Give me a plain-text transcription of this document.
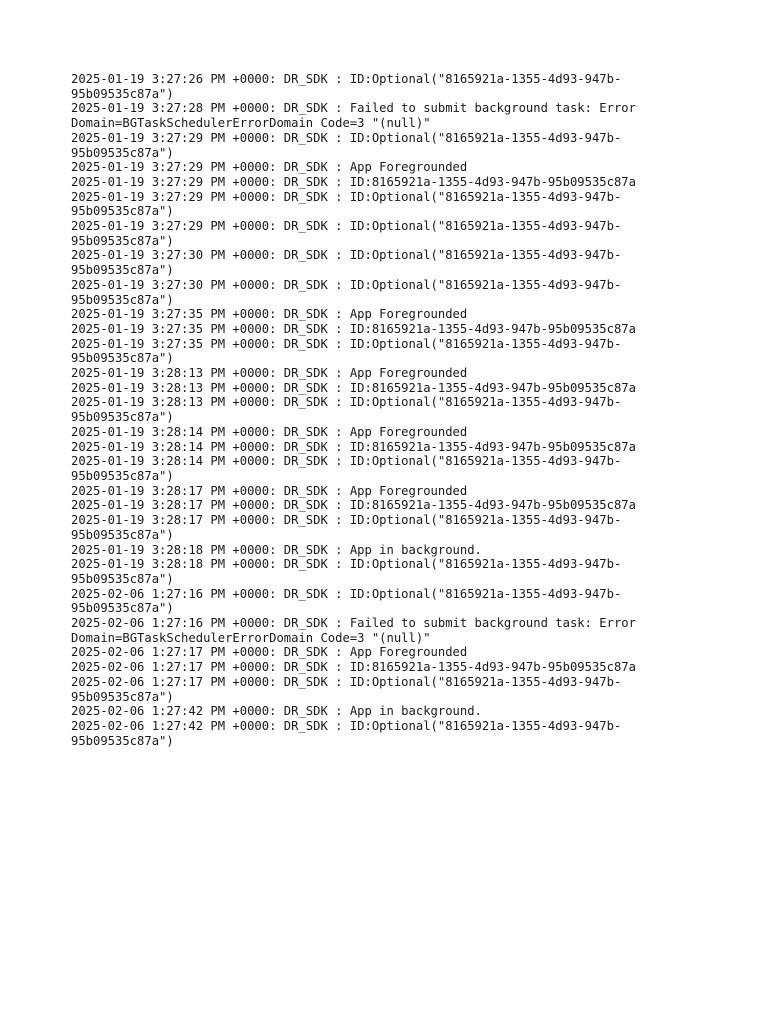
2025-01-19 3:27:26 PM +0000: DR_SDK : ID:Optional("8165921a-1355-4d93-947b-
95b09535c87a")
2025-01-19 3:27:28 PM +0000: DR_SDK : Failed to submit background task: Error
Domain=BGTaskSchedulerErrorDomain Code=3 "(null)"
2025-01-19 3:27:29 PM +0000: DR_SDK : ID:Optional("8165921a-1355-4d93-947b-
95b09535c87a")
2025-01-19 3:27:29 PM +0000: DR_SDK : App Foregrounded
2025-01-19 3:27:29 PM +0000: DR_SDK : ID:8165921a-1355-4d93-947b-95b09535c87a
2025-01-19 3:27:29 PM +0000: DR_SDK : ID:Optional("8165921a-1355-4d93-947b-
95b09535c87a")
2025-01-19 3:27:29 PM +0000: DR_SDK : ID:Optional("8165921a-1355-4d93-947b-
95b09535c87a")
2025-01-19 3:27:30 PM +0000: DR_SDK : ID:Optional("8165921a-1355-4d93-947b-
95b09535c87a")
2025-01-19 3:27:30 PM +0000: DR_SDK : ID:Optional("8165921a-1355-4d93-947b-
95b09535c87a")
2025-01-19 3:27:35 PM +0000: DR_SDK : App Foregrounded
2025-01-19 3:27:35 PM +0000: DR_SDK : ID:8165921a-1355-4d93-947b-95b09535c87a
2025-01-19 3:27:35 PM +0000: DR_SDK : ID:Optional("8165921a-1355-4d93-947b-
95b09535c87a")
2025-01-19 3:28:13 PM +0000: DR_SDK : App Foregrounded
2025-01-19 3:28:13 PM +0000: DR_SDK : ID:8165921a-1355-4d93-947b-95b09535c87a
2025-01-19 3:28:13 PM +0000: DR_SDK : ID:Optional("8165921a-1355-4d93-947b-
95b09535c87a")
2025-01-19 3:28:14 PM +0000: DR_SDK : App Foregrounded
2025-01-19 3:28:14 PM +0000: DR_SDK : ID:8165921a-1355-4d93-947b-95b09535c87a
2025-01-19 3:28:14 PM +0000: DR_SDK : ID:Optional("8165921a-1355-4d93-947b-
95b09535c87a")
2025-01-19 3:28:17 PM +0000: DR_SDK : App Foregrounded
2025-01-19 3:28:17 PM +0000: DR_SDK : ID:8165921a-1355-4d93-947b-95b09535c87a
2025-01-19 3:28:17 PM +0000: DR_SDK : ID:Optional("8165921a-1355-4d93-947b-
95b09535c87a")
2025-01-19 3:28:18 PM +0000: DR_SDK : App in background.
2025-01-19 3:28:18 PM +0000: DR_SDK : ID:Optional("8165921a-1355-4d93-947b-
95b09535c87a")
2025-02-06 1:27:16 PM +0000: DR_SDK : ID:Optional("8165921a-1355-4d93-947b-
95b09535c87a")
2025-02-06 1:27:16 PM +0000: DR_SDK : Failed to submit background task: Error
Domain=BGTaskSchedulerErrorDomain Code=3 "(null)"
2025-02-06 1:27:17 PM +0000: DR_SDK : App Foregrounded
2025-02-06 1:27:17 PM +0000: DR_SDK : ID:8165921a-1355-4d93-947b-95b09535c87a
2025-02-06 1:27:17 PM +0000: DR_SDK : ID:Optional("8165921a-1355-4d93-947b-
95b09535c87a")
2025-02-06 1:27:42 PM +0000: DR_SDK : App in background.
2025-02-06 1:27:42 PM +0000: DR_SDK : ID:Optional("8165921a-1355-4d93-947b-
95b09535c87a")
